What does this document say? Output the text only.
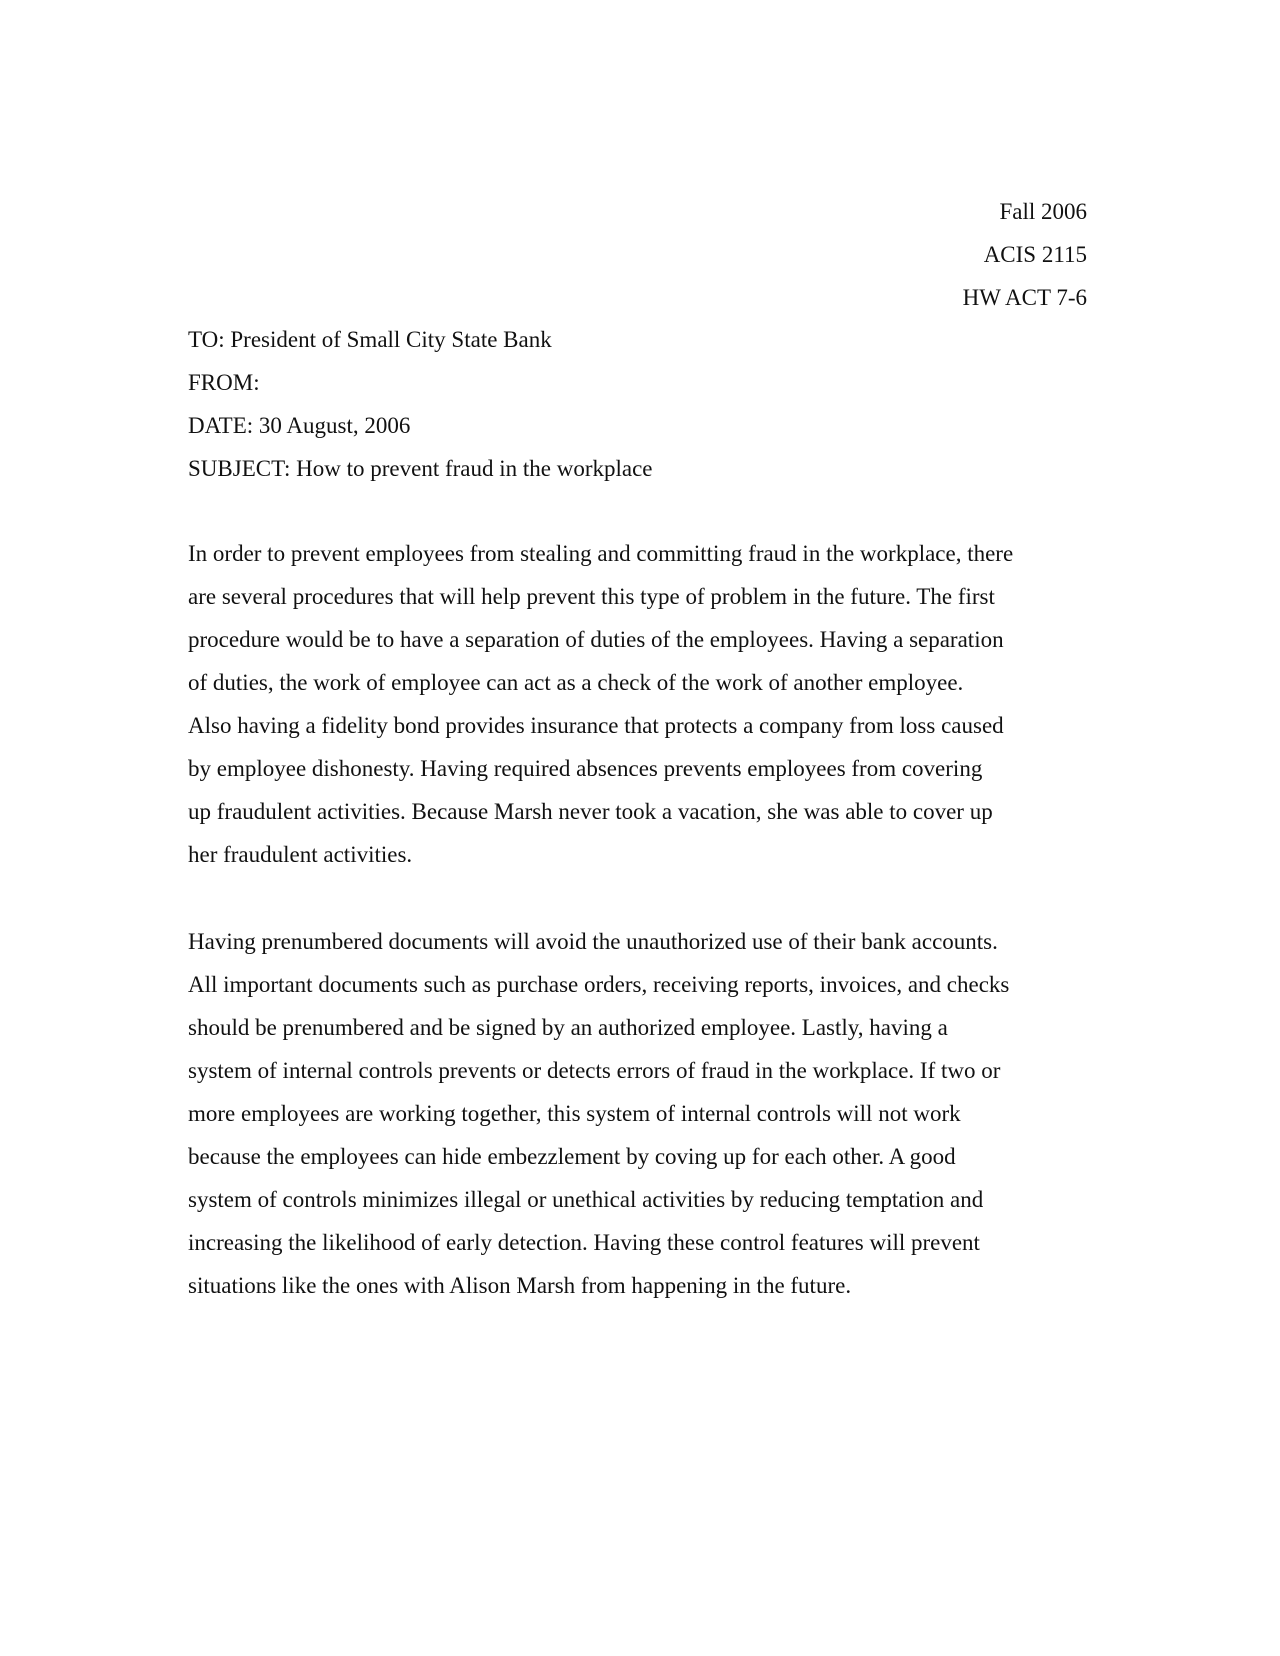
Fall 2006
ACIS 2115
HW ACT 7-6
TO: President of Small City State Bank
FROM:
DATE: 30 August, 2006
SUBJECT: How to prevent fraud in the workplace
In order to prevent employees from stealing and committing fraud in the workplace, there
are several procedures that will help prevent this type of problem in the future. The first
procedure would be to have a separation of duties of the employees. Having a separation
of duties, the work of employee can act as a check of the work of another employee.
Also having a fidelity bond provides insurance that protects a company from loss caused
by employee dishonesty. Having required absences prevents employees from covering
up fraudulent activities. Because Marsh never took a vacation, she was able to cover up
her fraudulent activities.
Having prenumbered documents will avoid the unauthorized use of their bank accounts.
All important documents such as purchase orders, receiving reports, invoices, and checks
should be prenumbered and be signed by an authorized employee. Lastly, having a
system of internal controls prevents or detects errors of fraud in the workplace. If two or
more employees are working together, this system of internal controls will not work
because the employees can hide embezzlement by coving up for each other. A good
system of controls minimizes illegal or unethical activities by reducing temptation and
increasing the likelihood of early detection. Having these control features will prevent
situations like the ones with Alison Marsh from happening in the future.
